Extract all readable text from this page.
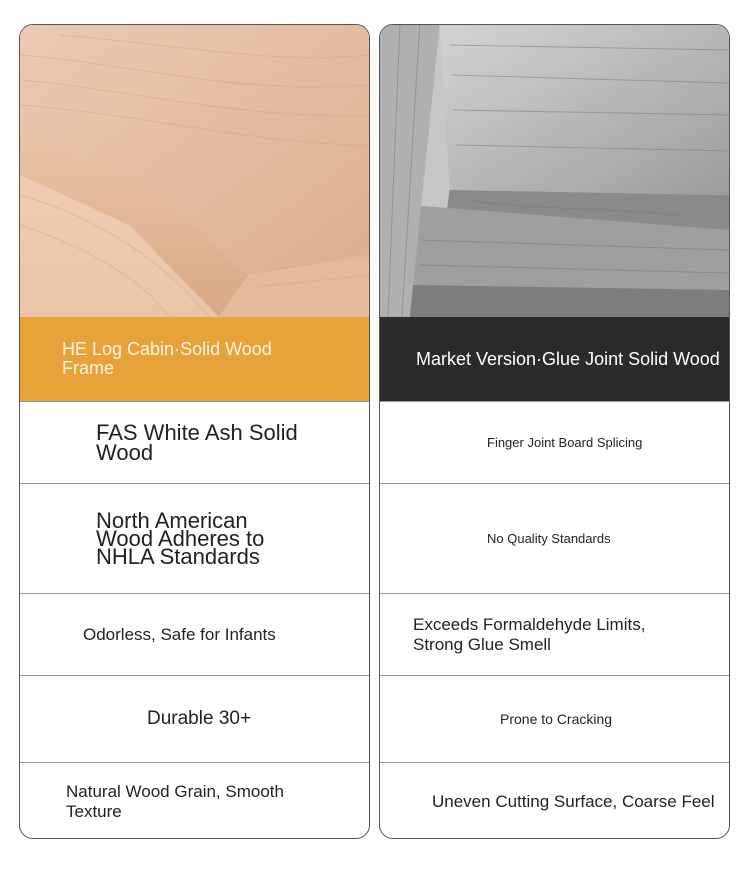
HE Log Cabin·Solid Wood Frame
FAS White Ash Solid Wood
North American Wood Adheres to NHLA Standards
Odorless, Safe for Infants
Durable 30+
Natural Wood Grain, Smooth Texture
Market Version·Glue Joint Solid Wood
Finger Joint Board Splicing
No Quality Standards
Exceeds Formaldehyde Limits, Strong Glue Smell
Prone to Cracking
Uneven Cutting Surface, Coarse Feel
